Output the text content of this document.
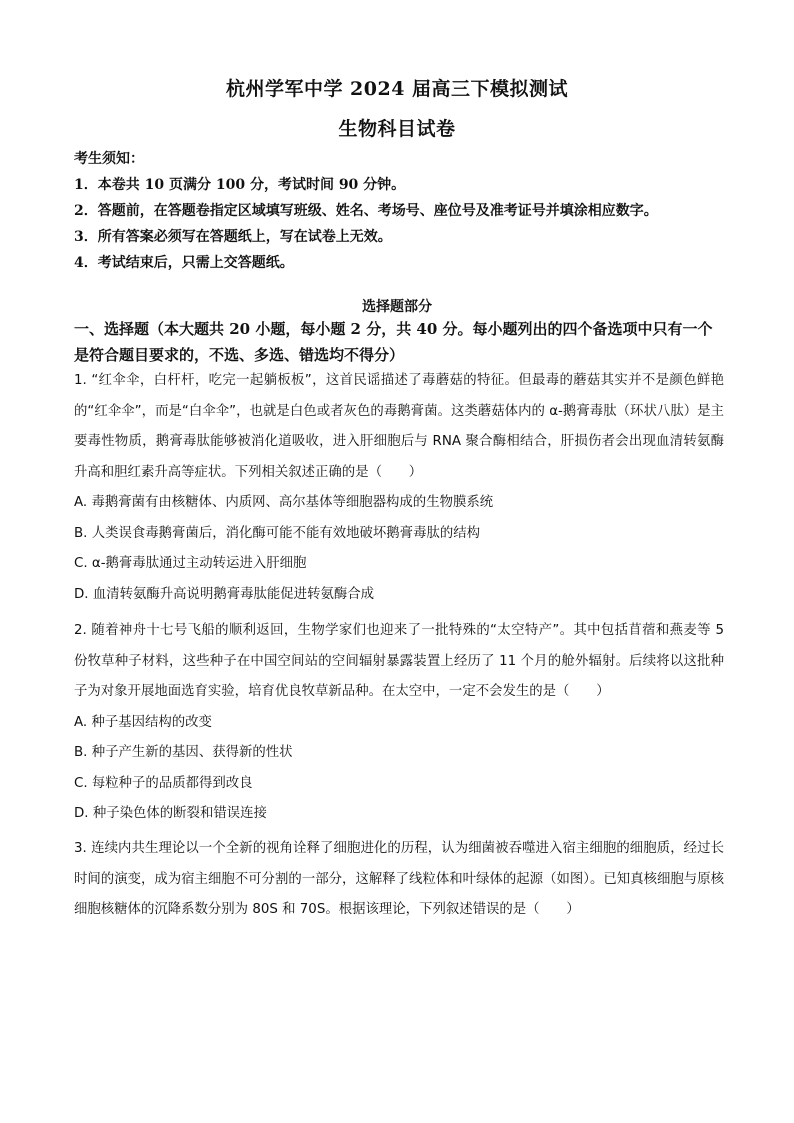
杭州学军中学 2024 届高三下模拟测试
生物科目试卷
考生须知：
1．本卷共 10 页满分 100 分，考试时间 90 分钟。
2．答题前，在答题卷指定区域填写班级、姓名、考场号、座位号及准考证号并填涂相应数字。
3．所有答案必须写在答题纸上，写在试卷上无效。
4．考试结束后，只需上交答题纸。
选择题部分
一、选择题（本大题共 20 小题，每小题 2 分，共 40 分。每小题列出的四个备选项中只有一个是符合题目要求的，不选、多选、错选均不得分）

1. “红伞伞，白杆杆，吃完一起躺板板”，这首民谣描述了毒蘑菇的特征。但最毒的蘑菇其实并不是颜色鲜艳的“红伞伞”，而是“白伞伞”，也就是白色或者灰色的毒鹅膏菌。这类蘑菇体内的 α-鹅膏毒肽（环状八肽）是主要毒性物质，鹅膏毒肽能够被消化道吸收，进入肝细胞后与 RNA 聚合酶相结合，肝损伤者会出现血清转氨酶升高和胆红素升高等症状。下列相关叙述正确的是（　　）

A. 毒鹅膏菌有由核糖体、内质网、高尔基体等细胞器构成的生物膜系统

B. 人类误食毒鹅膏菌后，消化酶可能不能有效地破坏鹅膏毒肽的结构

C. α-鹅膏毒肽通过主动转运进入肝细胞

D. 血清转氨酶升高说明鹅膏毒肽能促进转氨酶合成

2. 随着神舟十七号飞船的顺利返回，生物学家们也迎来了一批特殊的“太空特产”。其中包括苜蓿和燕麦等 5 份牧草种子材料，这些种子在中国空间站的空间辐射暴露装置上经历了 11 个月的舱外辐射。后续将以这批种子为对象开展地面选育实验，培育优良牧草新品种。在太空中，一定不会发生的是（　　）

A. 种子基因结构的改变

B. 种子产生新的基因、获得新的性状

C. 每粒种子的品质都得到改良

D. 种子染色体的断裂和错误连接

3. 连续内共生理论以一个全新的视角诠释了细胞进化的历程，认为细菌被吞噬进入宿主细胞的细胞质，经过长时间的演变，成为宿主细胞不可分割的一部分，这解释了线粒体和叶绿体的起源（如图）。已知真核细胞与原核细胞核糖体的沉降系数分别为 80S 和 70S。根据该理论，下列叙述错误的是（　　）
